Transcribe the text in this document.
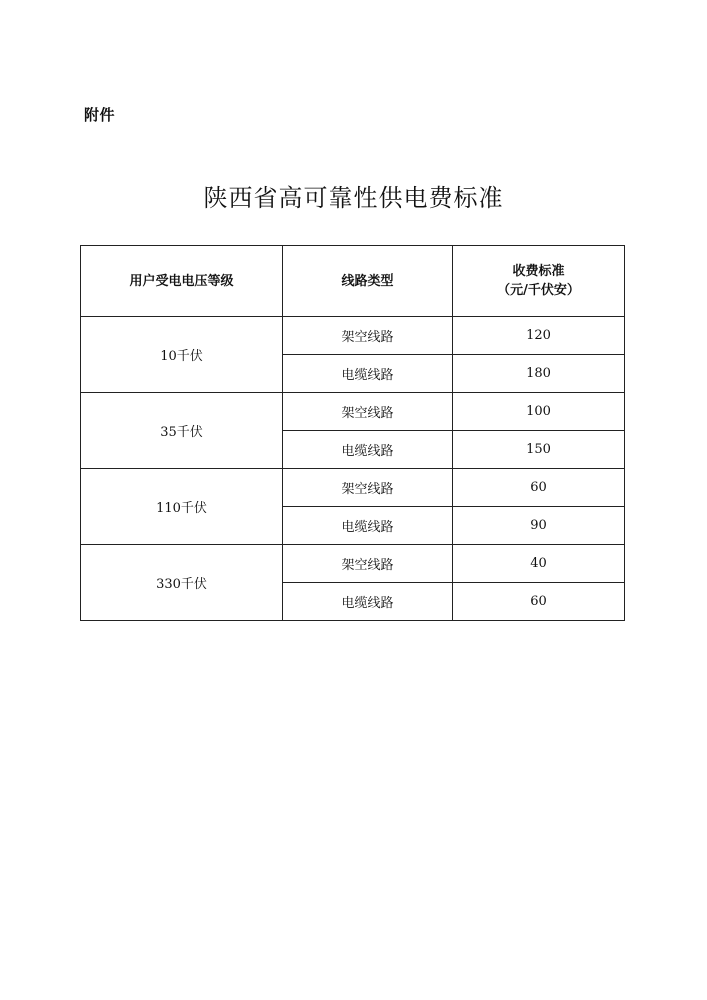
附件
陕西省高可靠性供电费标准
用户受电电压等级	线路类型	收费标准
（元/千伏安）
10千伏	架空线路	120
	电缆线路	180
35千伏	架空线路	100
	电缆线路	150
110千伏	架空线路	60
	电缆线路	90
330千伏	架空线路	40
	电缆线路	60
